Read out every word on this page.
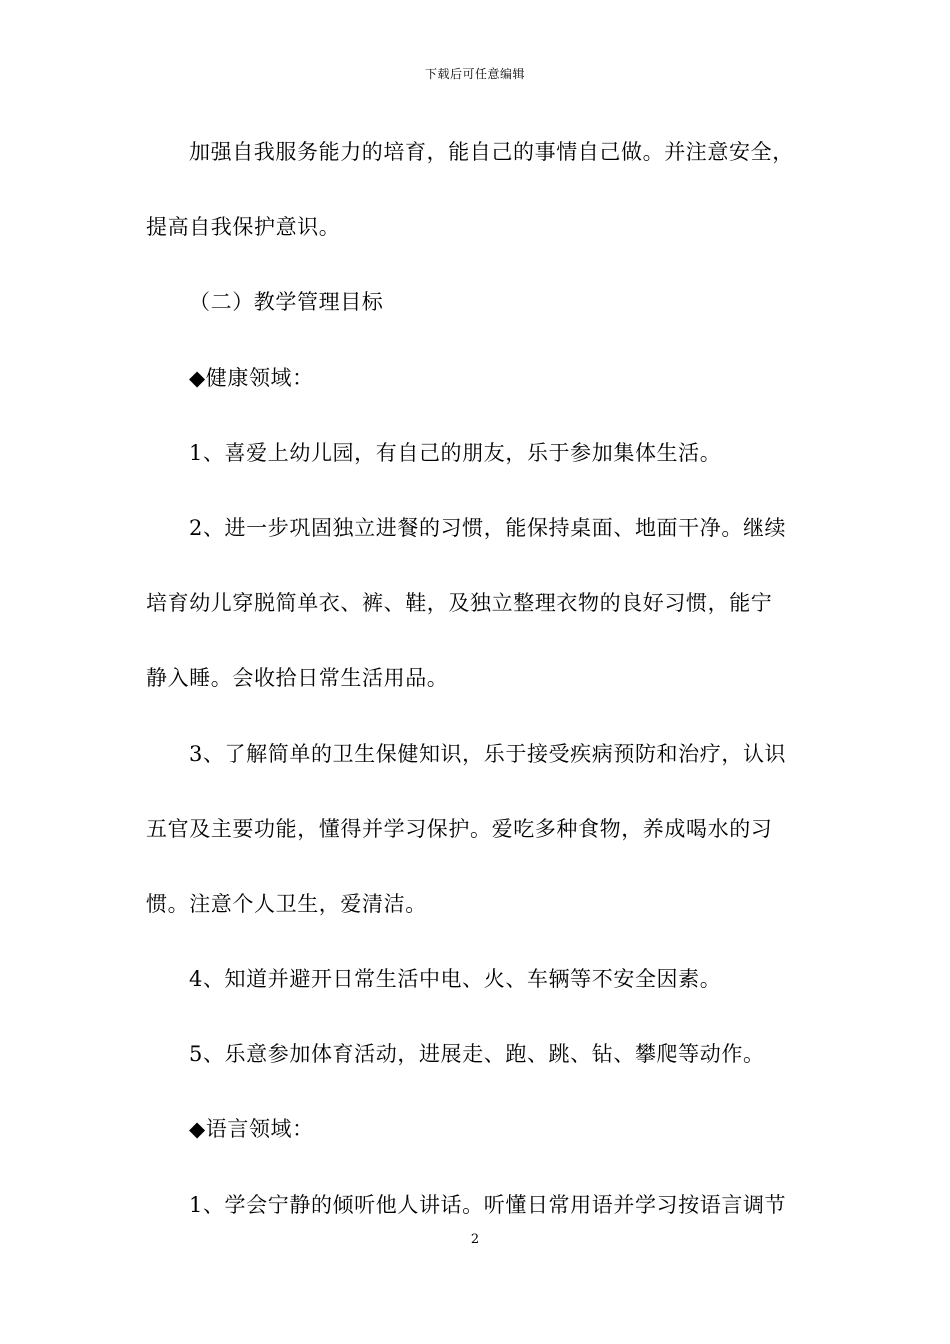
下载后可任意编辑
加强自我服务能力的培育，能自己的事情自己做。并注意安全，
提高自我保护意识。
（二）教学管理目标
◆健康领域：
1、喜爱上幼儿园，有自己的朋友，乐于参加集体生活。
2、进一步巩固独立进餐的习惯，能保持桌面、地面干净。继续
培育幼儿穿脱简单衣、裤、鞋，及独立整理衣物的良好习惯，能宁
静入睡。会收拾日常生活用品。
3、了解简单的卫生保健知识，乐于接受疾病预防和治疗，认识
五官及主要功能，懂得并学习保护。爱吃多种食物，养成喝水的习
惯。注意个人卫生，爱清洁。
4、知道并避开日常生活中电、火、车辆等不安全因素。
5、乐意参加体育活动，进展走、跑、跳、钻、攀爬等动作。
◆语言领域：
1、学会宁静的倾听他人讲话。听懂日常用语并学习按语言调节
2
